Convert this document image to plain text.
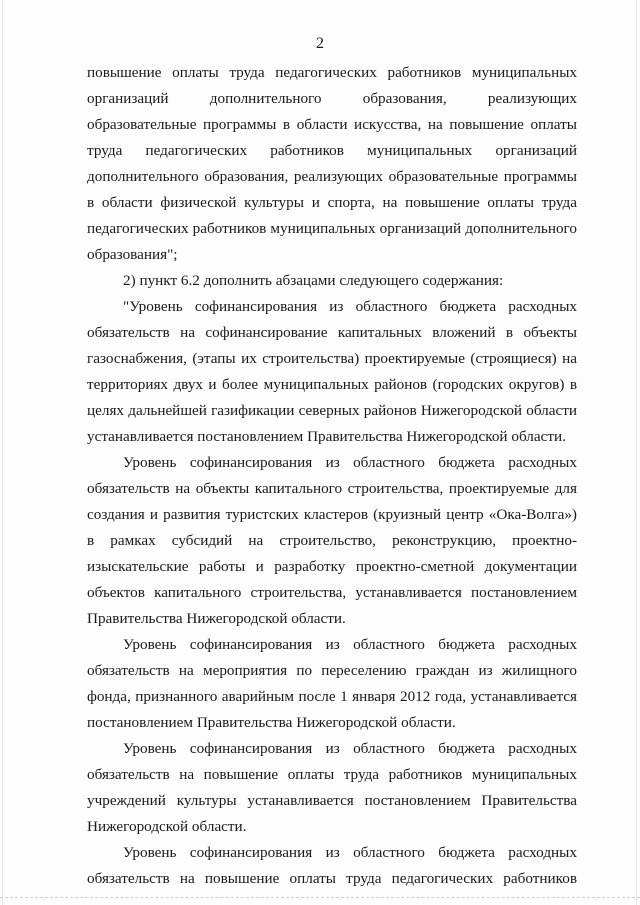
2

повышение оплаты труда педагогических работников муниципальных организаций дополнительного образования, реализующих образовательные программы в области искусства, на повышение оплаты труда педагогических работников муниципальных организаций дополнительного образования, реализующих образовательные программы в области физической культуры и спорта, на повышение оплаты труда педагогических работников муниципальных организаций дополнительного образования";

2) пункт 6.2 дополнить абзацами следующего содержания:

"Уровень софинансирования из областного бюджета расходных обязательств на софинансирование капитальных вложений в объекты газоснабжения, (этапы их строительства) проектируемые (строящиеся) на территориях двух и более муниципальных районов (городских округов) в целях дальнейшей газификации северных районов Нижегородской области устанавливается постановлением Правительства Нижегородской области.

Уровень софинансирования из областного бюджета расходных обязательств на объекты капитального строительства, проектируемые для создания и развития туристских кластеров (круизный центр «Ока-Волга») в рамках субсидий на строительство, реконструкцию, проектно-изыскательские работы и разработку проектно-сметной документации объектов капитального строительства, устанавливается постановлением Правительства Нижегородской области.

Уровень софинансирования из областного бюджета расходных обязательств на мероприятия по переселению граждан из жилищного фонда, признанного аварийным после 1 января 2012 года, устанавливается постановлением Правительства Нижегородской области.

Уровень софинансирования из областного бюджета расходных обязательств на повышение оплаты труда работников муниципальных учреждений культуры устанавливается постановлением Правительства Нижегородской области.

Уровень софинансирования из областного бюджета расходных обязательств на повышение оплаты труда педагогических работников
